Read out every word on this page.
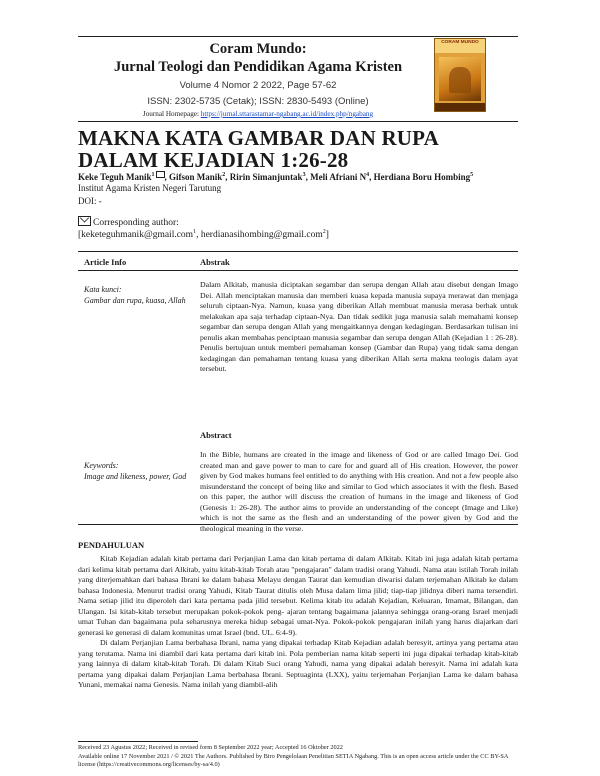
Coram Mundo:
Jurnal Teologi dan Pendidikan Agama Kristen
Volume 4 Nomor 2 2022, Page 57-62
ISSN: 2302-5735 (Cetak); ISSN: 2830-5493 (Online)
Journal Homepage: https://jurnal.sttarastamar-ngabang.ac.id/index.php/ngabang
CORAM MUNDO
MAKNA KATA GAMBAR DAN RUPA DALAM KEJADIAN 1:26-28
Keke Teguh Manik$^1$ , Gifson Manik$^2$, Ririn Simanjuntak$^3$, Meli Afriani $N^4$, Herdiana Boru Hombing$^5$
Institut Agama Kristen Negeri Tarutung
DOI: -
Corresponding author:
[keketeguhmanik@gmail.com$^1$, herdianasihombing@gmail.com$^2$]
Article Info	Abstrak
Kata kunci:
Gambar dan rupa, kuasa, Allah

Dalam Alkitab, manusia diciptakan segambar dan serupa dengan Allah atau disebut dengan Imago Dei. Allah menciptakan manusia dan memberi kuasa kepada manusia supaya merawat dan menjaga seluruh ciptaan-Nya. Namun, kuasa yang diberikan Allah membuat manusia merasa berhak untuk melakukan apa saja terhadap ciptaan-Nya. Dan tidak sedikit juga manusia salah memahami konsep segambar dan serupa dengan Allah yang mengaitkannya dengan kedagingan. Berdasarkan tulisan ini penulis akan membahas penciptaan manusia segambar dan serupa dengan Allah (Kejadian 1 : 26-28). Penulis bertujuan untuk memberi pemahaman konsep (Gambar dan Rupa) yang tidak sama dengan kedagingan dan pemahaman tentang kuasa yang diberikan Allah serta makna teologis dalam ayat tersebut.

Abstract
Keywords:
Image and likeness, power, God

In the Bible, humans are created in the image and likeness of God or are called Imago Dei. God created man and gave power to man to care for and guard all of His creation. However, the power given by God makes humans feel entitled to do anything with His creation. And not a few people also misunderstand the concept of being like and similar to God which associates it with the flesh. Based on this paper, the author will discuss the creation of humans in the image and likeness of God (Genesis 1: 26-28). The author aims to provide an understanding of the concept (Image and Like) which is not the same as the flesh and an understanding of the power given by God and the theological meaning in the verse.

PENDAHULUAN

Kitab Kejadian adalah kitab pertama dari Perjanjian Lama dan kitab pertama di dalam Alkitab. Kitab ini juga adalah kitab pertama dari kelima kitab pertama dari Alkitab, yaitu kitab-kitab Torah atau "pengajaran" dalam tradisi orang Yahudi. Nama atau istilah Torah inilah yang diterjemahkan dari bahasa Ibrani ke dalam bahasa Melayu dengan Taurat dan kemudian diwarisi dalam terjemahan Alkitab ke dalam bahasa Indonesia. Menurut tradisi orang Yahudi, Kitab Taurat ditulis oleh Musa dalam lima jilid; tiap-tiap jilidnya diberi nama tersendiri. Nama setiap jilid itu diperoleh dari kata pertama pada jilid tersebut. Kelima kitab itu adalah Kejadian, Keluaran, Imamat, Bilangan, dan Ulangan. Isi kitab-kitab tersebut merupakan pokok-pokok peng- ajaran tentang bagaimana jalannya sehingga orang-orang Israel menjadi umat Tuhan dan bagaimana pula seharusnya mereka hidup sebagai umat-Nya. Pokok-pokok pengajaran inilah yang harus diajarkan dari generasi ke generasi di dalam komunitas umat Israel (bnd. UL. 6:4-9).

Di dalam Perjanjian Lama berbahasa Ibrani, nama yang dipakai terhadap Kitab Kejadian adalah beresyit, artinya yang pertama atau yang terutama. Nama ini diambil dari kata pertama dari kitab ini. Pola pemberian nama kitab seperti ini juga dipakai terhadap kitab-kitab yang lainnya di dalam kitab-kitab Torah. Di dalam Kitab Suci orang Yahudi, nama yang dipakai adalah beresyit. Nama ini adalah kata pertama yang dipakai dalam Perjanjian Lama berbahasa Ibrani. Septuaginta (LXX), yaitu terjemahan Perjanjian Lama ke dalam bahasa Yunani, memakai nama Genesis. Nama inilah yang diambil-alih

Received 23 Agustus 2022; Received in revised form 8 September 2022 year; Accepted 16 Oktober 2022
Available online 17 November 2021 / © 2021 The Authors. Published by Biro Pengelolaan Penelitian SETIA Ngabang. This is an open access article under the CC BY-SA license (https://creativecommons.org/licenses/by-sa/4.0)
